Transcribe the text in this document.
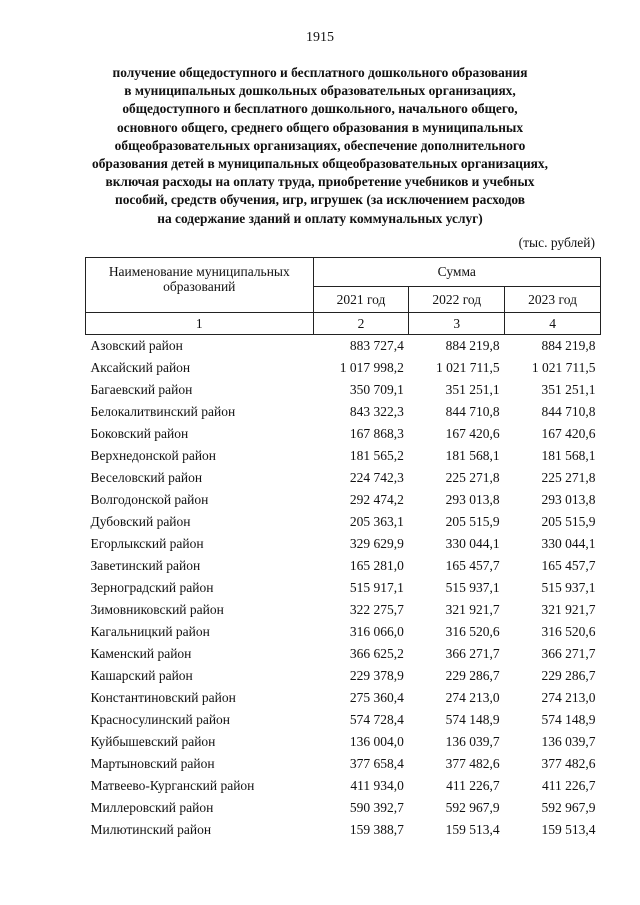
1915
получение общедоступного и бесплатного дошкольного образования
в муниципальных дошкольных образовательных организациях,
общедоступного и бесплатного дошкольного, начального общего,
основного общего, среднего общего образования в муниципальных
общеобразовательных организациях, обеспечение дополнительного
образования детей в муниципальных общеобразовательных организациях,
включая расходы на оплату труда, приобретение учебников и учебных
пособий, средств обучения, игр, игрушек (за исключением расходов
на содержание зданий и оплату коммунальных услуг)
(тыс. рублей)
Наименование муниципальных образований	Сумма		
	2021 год	2022 год	2023 год
1	2	3	4
Азовский район	883 727,4	884 219,8	884 219,8
Аксайский район	1 017 998,2	1 021 711,5	1 021 711,5
Багаевский район	350 709,1	351 251,1	351 251,1
Белокалитвинский район	843 322,3	844 710,8	844 710,8
Боковский район	167 868,3	167 420,6	167 420,6
Верхнедонской район	181 565,2	181 568,1	181 568,1
Веселовский район	224 742,3	225 271,8	225 271,8
Волгодонской район	292 474,2	293 013,8	293 013,8
Дубовский район	205 363,1	205 515,9	205 515,9
Егорлыкский район	329 629,9	330 044,1	330 044,1
Заветинский район	165 281,0	165 457,7	165 457,7
Зерноградский район	515 917,1	515 937,1	515 937,1
Зимовниковский район	322 275,7	321 921,7	321 921,7
Кагальницкий район	316 066,0	316 520,6	316 520,6
Каменский район	366 625,2	366 271,7	366 271,7
Кашарский район	229 378,9	229 286,7	229 286,7
Константиновский район	275 360,4	274 213,0	274 213,0
Красносулинский район	574 728,4	574 148,9	574 148,9
Куйбышевский район	136 004,0	136 039,7	136 039,7
Мартыновский район	377 658,4	377 482,6	377 482,6
Матвеево-Курганский район	411 934,0	411 226,7	411 226,7
Миллеровский район	590 392,7	592 967,9	592 967,9
Милютинский район	159 388,7	159 513,4	159 513,4
